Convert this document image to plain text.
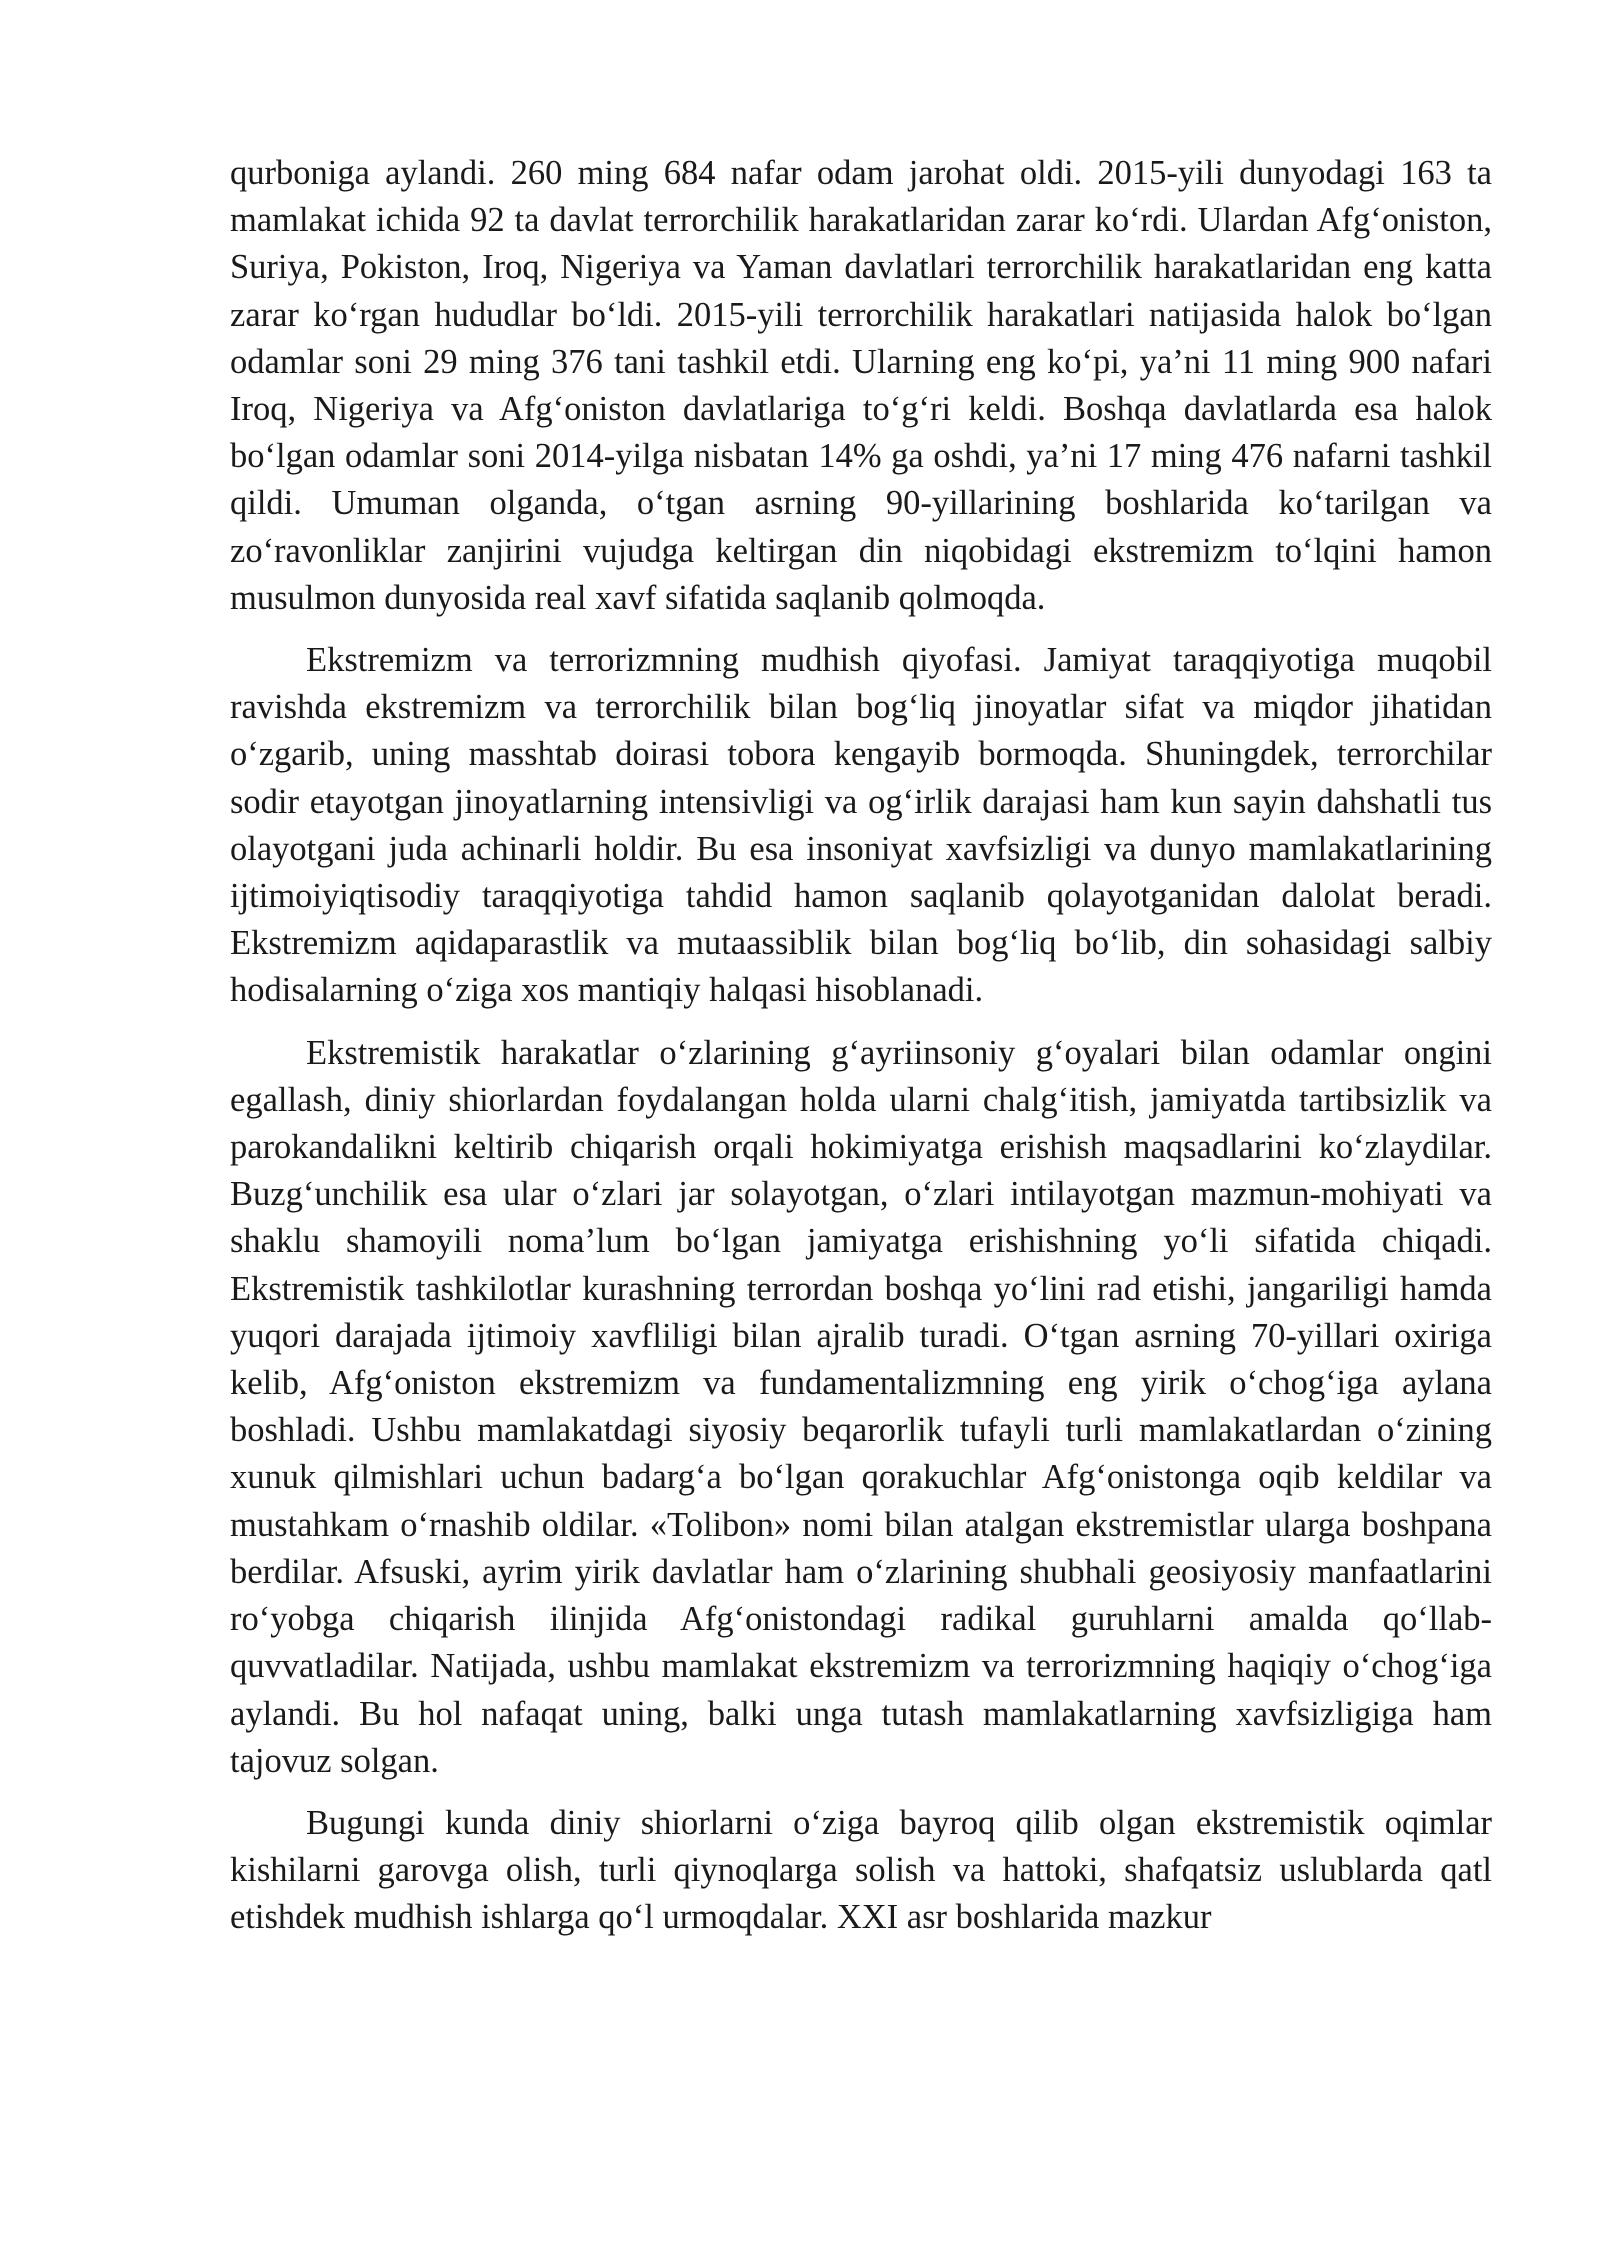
qurboniga aylandi. 260 ming 684 nafar odam jarohat oldi. 2015-yili dunyodagi 163 ta mamlakat ichida 92 ta davlat terrorchilik harakatlaridan zarar ko‘rdi. Ulardan Afg‘oniston, Suriya, Pokiston, Iroq, Nigeriya va Yaman davlatlari terrorchilik harakatlaridan eng katta zarar ko‘rgan hududlar bo‘ldi. 2015-yili terrorchilik harakatlari natijasida halok bo‘lgan odamlar soni 29 ming 376 tani tashkil etdi. Ularning eng ko‘pi, ya’ni 11 ming 900 nafari Iroq, Nigeriya va Afg‘oniston davlatlariga to‘g‘ri keldi. Boshqa davlatlarda esa halok bo‘lgan odamlar soni 2014-yilga nisbatan 14% ga oshdi, ya’ni 17 ming 476 nafarni tashkil qildi. Umuman olganda, o‘tgan asrning 90-yillarining boshlarida ko‘tarilgan va zo‘ravonliklar zanjirini vujudga keltirgan din niqobidagi ekstremizm to‘lqini hamon musulmon dunyosida real xavf sifatida saqlanib qolmoqda.

Ekstremizm va terrorizmning mudhish qiyofasi. Jamiyat taraqqiyotiga muqobil ravishda ekstremizm va terrorchilik bilan bog‘liq jinoyatlar sifat va miqdor jihatidan o‘zgarib, uning masshtab doirasi tobora kengayib bormoqda. Shuningdek, terrorchilar sodir etayotgan jinoyatlarning intensivligi va og‘irlik darajasi ham kun sayin dahshatli tus olayotgani juda achinarli holdir. Bu esa insoniyat xavfsizligi va dunyo mamlakatlarining ijtimoiyiqtisodiy taraqqiyotiga tahdid hamon saqlanib qolayotganidan dalolat beradi. Ekstremizm aqidaparastlik va mutaassiblik bilan bog‘liq bo‘lib, din sohasidagi salbiy hodisalarning o‘ziga xos mantiqiy halqasi hisoblanadi.

Ekstremistik harakatlar o‘zlarining g‘ayriinsoniy g‘oyalari bilan odamlar ongini egallash, diniy shiorlardan foydalangan holda ularni chalg‘itish, jamiyatda tartibsizlik va parokandalikni keltirib chiqarish orqali hokimiyatga erishish maqsadlarini ko‘zlaydilar. Buzg‘unchilik esa ular o‘zlari jar solayotgan, o‘zlari intilayotgan mazmun-mohiyati va shaklu shamoyili noma’lum bo‘lgan jamiyatga erishishning yo‘li sifatida chiqadi. Ekstremistik tashkilotlar kurashning terrordan boshqa yo‘lini rad etishi, jangariligi hamda yuqori darajada ijtimoiy xavfliligi bilan ajralib turadi. O‘tgan asrning 70-yillari oxiriga kelib, Afg‘oniston ekstremizm va fundamentalizmning eng yirik o‘chog‘iga aylana boshladi. Ushbu mamlakatdagi siyosiy beqarorlik tufayli turli mamlakatlardan o‘zining xunuk qilmishlari uchun badarg‘a bo‘lgan qorakuchlar Afg‘onistonga oqib keldilar va mustahkam o‘rnashib oldilar. «Tolibon» nomi bilan atalgan ekstremistlar ularga boshpana berdilar. Afsuski, ayrim yirik davlatlar ham o‘zlarining shubhali geosiyosiy manfaatlarini ro‘yobga chiqarish ilinjida Afg‘onistondagi radikal guruhlarni amalda qo‘llab-quvvatladilar. Natijada, ushbu mamlakat ekstremizm va terrorizmning haqiqiy o‘chog‘iga aylandi. Bu hol nafaqat uning, balki unga tutash mamlakatlarning xavfsizligiga ham tajovuz solgan.

Bugungi kunda diniy shiorlarni o‘ziga bayroq qilib olgan ekstremistik oqimlar kishilarni garovga olish, turli qiynoqlarga solish va hattoki, shafqatsiz uslublarda qatl etishdek mudhish ishlarga qo‘l urmoqdalar. XXI asr boshlarida mazkur
